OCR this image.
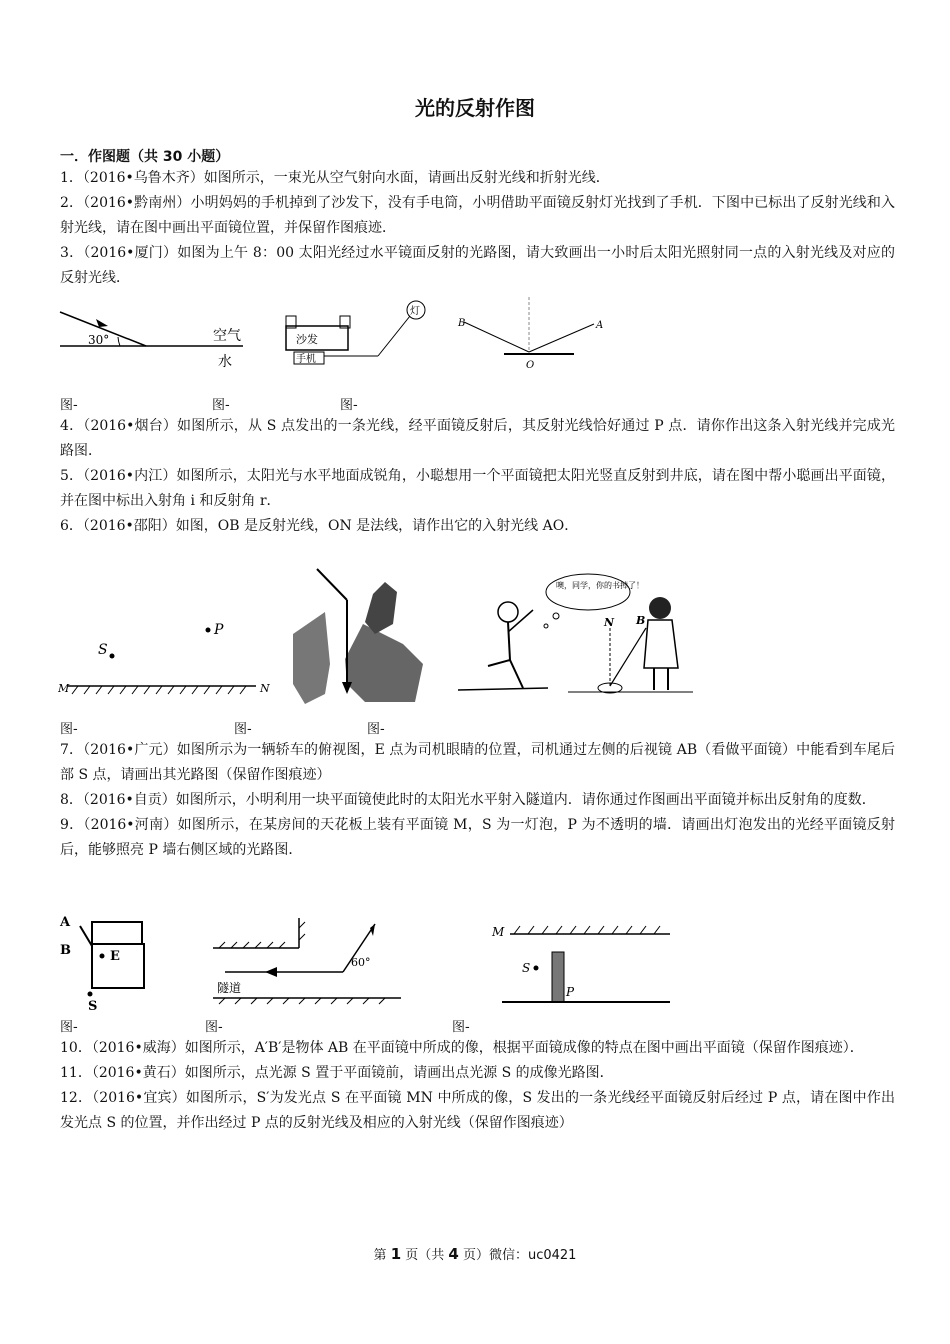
光的反射作图
一．作图题（共 30 小题）

1．（2016•乌鲁木齐）如图所示，一束光从空气射向水面，请画出反射光线和折射光线．

2．（2016•黔南州）小明妈妈的手机掉到了沙发下，没有手电筒，小明借助平面镜反射灯光找到了手机．下图中已标出了反射光线和入射光线，请在图中画出平面镜位置，并保留作图痕迹．

3．（2016•厦门）如图为上午 8：00 太阳光经过水平镜面反射的光路图，请大致画出一小时后太阳光照射同一点的入射光线及对应的反射光线．

30°	空气
水
沙发
手机
灯
B	A
O
图-	图-	图-

4．（2016•烟台）如图所示，从 S 点发出的一条光线，经平面镜反射后，其反射光线恰好通过 P 点．请你作出这条入射光线并完成光路图．

5．（2016•内江）如图所示，太阳光与水平地面成锐角，小聪想用一个平面镜把太阳光竖直反射到井底，请在图中帮小聪画出平面镜，并在图中标出入射角 i 和反射角 r．

6．（2016•邵阳）如图，OB 是反射光线，ON 是法线，请作出它的入射光线 AO．

S
P
M	N
噢，同学，你的书掉了！
N B
图-	图-	图-

7．（2016•广元）如图所示为一辆轿车的俯视图，E 点为司机眼睛的位置，司机通过左侧的后视镜 AB（看做平面镜）中能看到车尾后部 S 点，请画出其光路图（保留作图痕迹）

8．（2016•自贡）如图所示，小明利用一块平面镜使此时的太阳光水平射入隧道内．请你通过作图画出平面镜并标出反射角的度数．

9．（2016•河南）如图所示，在某房间的天花板上装有平面镜 M，S 为一灯泡，P 为不透明的墙．请画出灯泡发出的光经平面镜反射后，能够照亮 P 墙右侧区域的光路图．

A
B	E
S
60°
隧道
M
S
P
图-	图-	图-

10．（2016•威海）如图所示，A′B′是物体 AB 在平面镜中所成的像，根据平面镜成像的特点在图中画出平面镜（保留作图痕迹）．

11．（2016•黄石）如图所示，点光源 S 置于平面镜前，请画出点光源 S 的成像光路图．

12．（2016•宜宾）如图所示，S′为发光点 S 在平面镜 MN 中所成的像，S 发出的一条光线经平面镜反射后经过 P 点，请在图中作出发光点 S 的位置，并作出经过 P 点的反射光线及相应的入射光线（保留作图痕迹）

第 1 页（共 4 页）微信：uc0421
